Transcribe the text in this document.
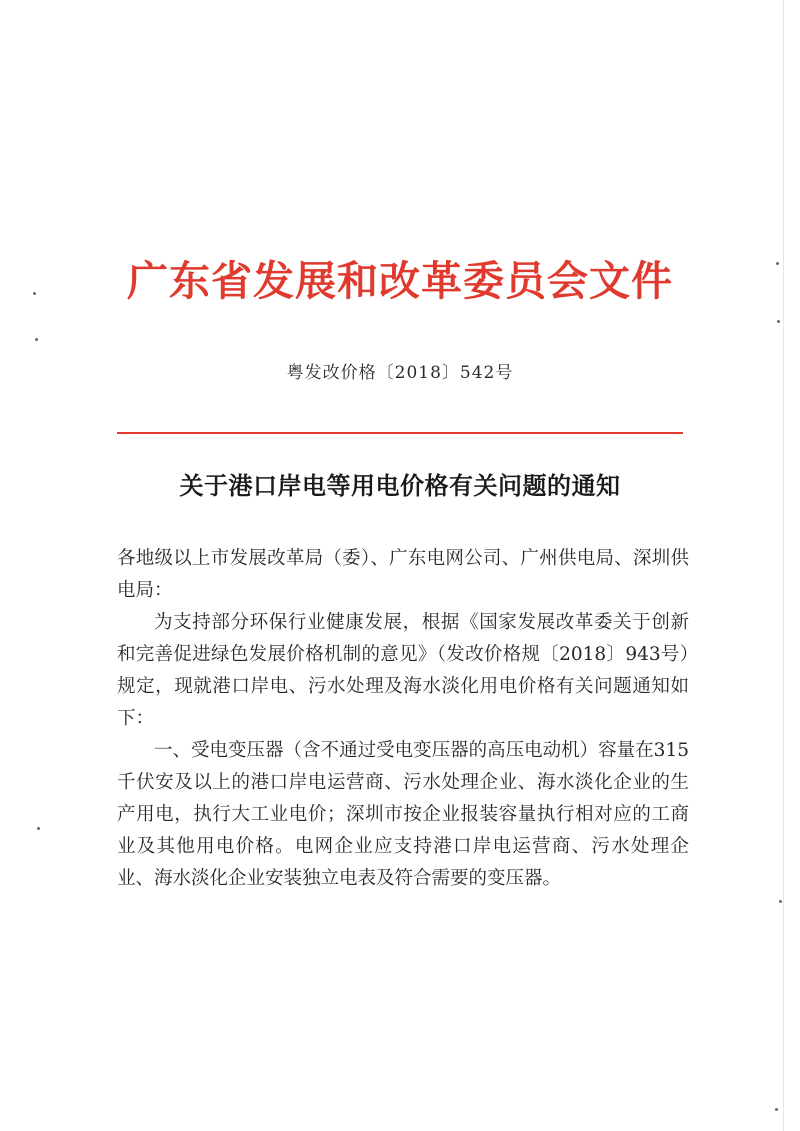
广东省发展和改革委员会文件
粤发改价格〔2018〕542号
关于港口岸电等用电价格有关问题的通知

各地级以上市发展改革局（委）、广东电网公司、广州供电局、深圳供电局：

为支持部分环保行业健康发展，根据《国家发展改革委关于创新和完善促进绿色发展价格机制的意见》（发改价格规〔2018〕943号）规定，现就港口岸电、污水处理及海水淡化用电价格有关问题通知如下：

一、受电变压器（含不通过受电变压器的高压电动机）容量在315千伏安及以上的港口岸电运营商、污水处理企业、海水淡化企业的生产用电，执行大工业电价；深圳市按企业报装容量执行相对应的工商业及其他用电价格。电网企业应支持港口岸电运营商、污水处理企业、海水淡化企业安装独立电表及符合需要的变压器。
